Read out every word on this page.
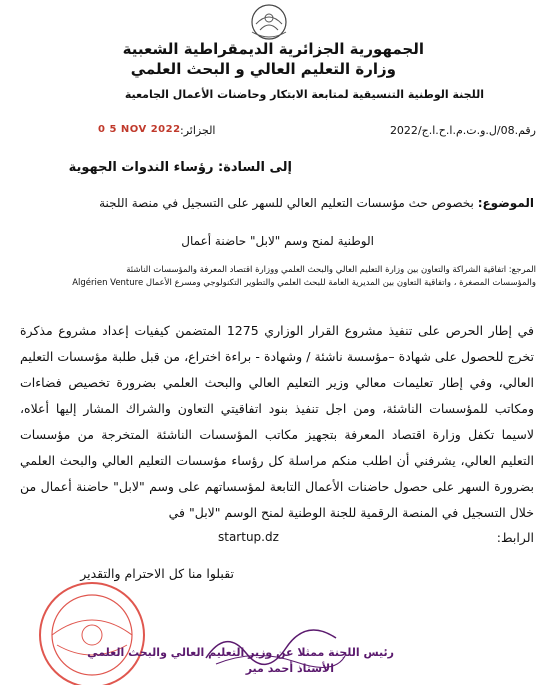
الجمهورية الجزائرية الديمقراطية الشعبية
وزارة التعليم العالي و البحث العلمي
اللجنة الوطنية التنسيقية لمتابعة الابتكار وحاضنات الأعمال الجامعية
رقم.08/ل.و.ت.م.ا.ح.ا.ج/2022
الجزائر:
0 5 NOV 2022
إلى السادة: رؤساء الندوات الجهوية
الموضوع: بخصوص حث مؤسسات التعليم العالي للسهر على التسجيل في منصة اللجنة
الوطنية لمنح وسم "لابل" حاضنة أعمال
المرجع: اتفاقية الشراكة والتعاون بين وزارة التعليم العالي والبحث العلمي ووزارة اقتصاد المعرفة والمؤسسات الناشئة
والمؤسسات المصغرة ، واتفاقية التعاون بين المديرية العامة للبحث العلمي والتطوير التكنولوجي ومسرع الأعمال Algérien Venture
في إطار الحرص على تنفيذ مشروع القرار الوزاري 1275 المتضمن كيفيات إعداد مشروع مذكرة تخرج للحصول على شهادة –مؤسسة ناشئة / وشهادة - براءة اختراع، من قبل طلبة مؤسسات التعليم العالي، وفي إطار تعليمات معالي وزير التعليم العالي والبحث العلمي بضرورة تخصيص فضاءات ومكاتب للمؤسسات الناشئة، ومن اجل تنفيذ بنود اتفاقيتي التعاون والشراك المشار إليها أعلاه، لاسيما تكفل وزارة اقتصاد المعرفة بتجهيز مكاتب المؤسسات الناشئة المتخرجة من مؤسسات التعليم العالي، يشرفني أن اطلب منكم مراسلة كل رؤساء مؤسسات التعليم العالي والبحث العلمي بضرورة السهر على حصول حاضنات الأعمال التابعة لمؤسساتهم على وسم "لابل" حاضنة أعمال من خلال التسجيل في المنصة الرقمية للجنة الوطنية لمنح الوسم "لابل" في
الرابط:
startup.dz
تقبلوا منا كل الاحترام والتقدير
رئيس اللجنة ممثلا عن وزير التعليم العالي والبحث العلمي
الأستاذ أحمد مير
